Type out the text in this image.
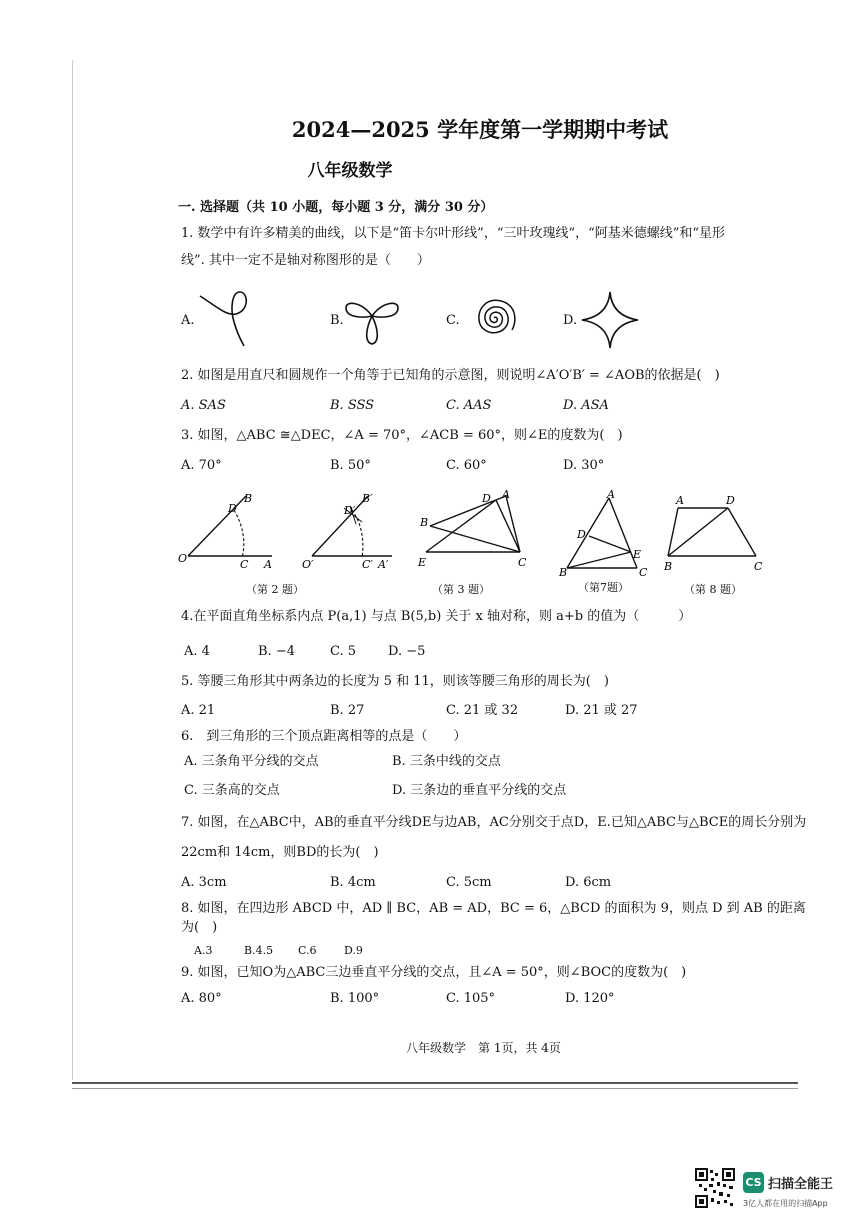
2024—2025 学年度第一学期期中考试
八年级数学
一. 选择题（共 10 小题，每小题 3 分，满分 30 分）
1. 数学中有许多精美的曲线，以下是“笛卡尔叶形线”，“三叶玫瑰线”，“阿基米德螺线”和“星形
线”. 其中一定不是轴对称图形的是（　　）
A.	B.	C.	D.
2. 如图是用直尺和圆规作一个角等于已知角的示意图，则说明∠A′O′B′ = ∠AOB的依据是(　)
A. SAS	B. SSS	C. AAS	D. ASA
3. 如图，△ABC ≅△DEC，∠A = 70°，∠ACB = 60°，则∠E的度数为(　)
A. 70°	B. 50°	C. 60°	D. 30°
B
D
O	C A
B′
D′
O′	C′ A′
（第 2 题）
D A
B
E	C
（第 3 题）
A
D
E
B	C
（第7题）
A	D
B	C
（第 8 题）
4.在平面直角坐标系内点 P(a,1) 与点 B(5,b) 关于 x 轴对称，则 a+b 的值为（　　　）
A. 4	B. −4	C. 5 D. −5
5. 等腰三角形其中两条边的长度为 5 和 11，则该等腰三角形的周长为(　)
A. 21	B. 27	C. 21 或 32	D. 21 或 27
6.　到三角形的三个顶点距离相等的点是（　　）
A. 三条角平分线的交点	B. 三条中线的交点
C. 三条高的交点	D. 三条边的垂直平分线的交点
7. 如图，在△ABC中，AB的垂直平分线DE与边AB，AC分别交于点D，E.已知△ABC与△BCE的周长分别为
22cm和 14cm，则BD的长为(　)
A. 3cm	B. 4cm	C. 5cm	D. 6cm
8. 如图，在四边形 ABCD 中，AD ∥ BC，AB = AD，BC = 6，△BCD 的面积为 9，则点 D 到 AB 的距离
为(　)
A.3	B.4.5 C.6 D.9
9. 如图，已知O为△ABC三边垂直平分线的交点，且∠A = 50°，则∠BOC的度数为(　)
A. 80°	B. 100°	C. 105°	D. 120°
八年级数学　第 1页，共 4页
CS 扫描全能王
3亿人都在用的扫描App
